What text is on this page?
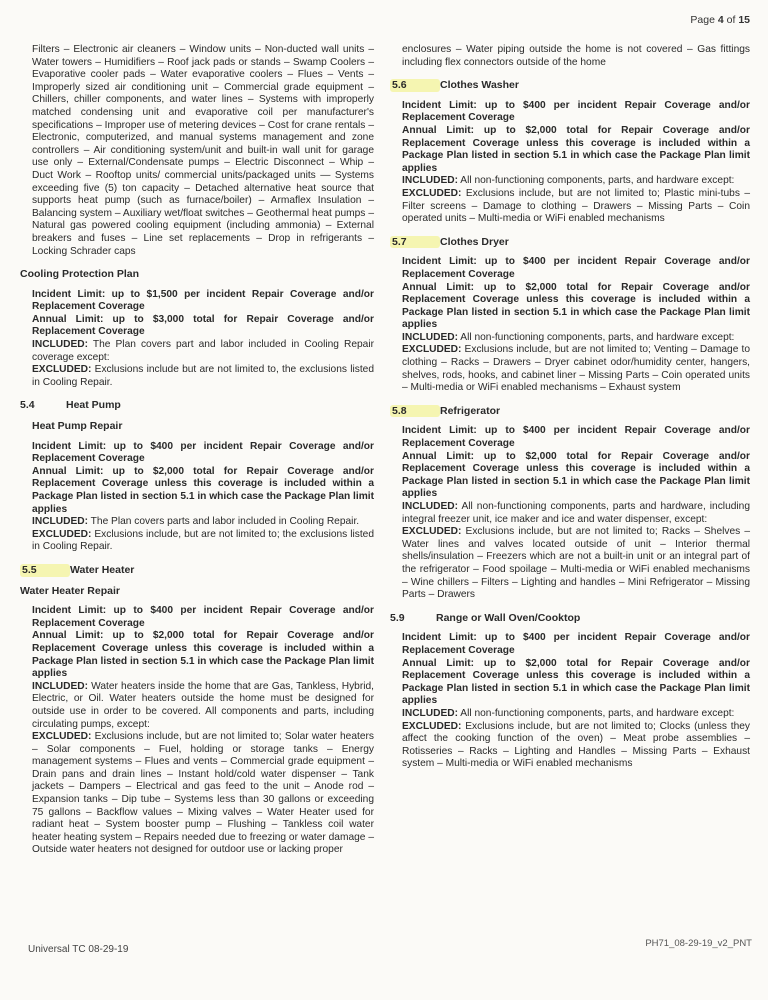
Page 4 of 15

Filters – Electronic air cleaners – Window units – Non-ducted wall units – Water towers – Humidifiers – Roof jack pads or stands – Swamp Coolers – Evaporative cooler pads – Water evaporative coolers – Flues – Vents – Improperly sized air conditioning unit – Commercial grade equipment – Chillers, chiller components, and water lines – Systems with improperly matched condensing unit and evaporative coil per manufacturer's specifications – Improper use of metering devices – Cost for crane rentals – Electronic, computerized, and manual systems management and zone controllers – Air conditioning system/unit and built-in wall unit for garage use only – External/Condensate pumps – Electric Disconnect – Whip – Duct Work – Rooftop units/ commercial units/packaged units — Systems exceeding five (5) ton capacity – Detached alternative heat source that supports heat pump (such as furnace/boiler) – Armaflex Insulation – Balancing system – Auxiliary wet/float switches – Geothermal heat pumps – Natural gas powered cooling equipment (including ammonia) – External breakers and fuses – Line set replacements – Drop in refrigerants – Locking Schrader caps

Cooling Protection Plan

Incident Limit: up to $1,500 per incident Repair Coverage and/or Replacement Coverage

Annual Limit: up to $3,000 total for Repair Coverage and/or Replacement Coverage

INCLUDED: The Plan covers part and labor included in Cooling Repair coverage except:

EXCLUDED: Exclusions include but are not limited to, the exclusions listed in Cooling Repair.

5.4	Heat Pump
Heat Pump Repair

Incident Limit: up to $400 per incident Repair Coverage and/or Replacement Coverage

Annual Limit: up to $2,000 total for Repair Coverage and/or Replacement Coverage unless this coverage is included within a Package Plan listed in section 5.1 in which case the Package Plan limit applies

INCLUDED: The Plan covers parts and labor included in Cooling Repair.

EXCLUDED: Exclusions include, but are not limited to; the exclusions listed in Cooling Repair.

5.5	Water Heater
Water Heater Repair

Incident Limit: up to $400 per incident Repair Coverage and/or Replacement Coverage

Annual Limit: up to $2,000 total for Repair Coverage and/or Replacement Coverage unless this coverage is included within a Package Plan listed in section 5.1 in which case the Package Plan limit applies

INCLUDED: Water heaters inside the home that are Gas, Tankless, Hybrid, Electric, or Oil. Water heaters outside the home must be designed for outside use in order to be covered. All components and parts, including circulating pumps, except:

EXCLUDED: Exclusions include, but are not limited to; Solar water heaters – Solar components – Fuel, holding or storage tanks – Energy management systems – Flues and vents – Commercial grade equipment – Drain pans and drain lines – Instant hold/cold water dispenser – Tank jackets – Dampers – Electrical and gas feed to the unit – Anode rod – Expansion tanks – Dip tube – Systems less than 30 gallons or exceeding 75 gallons – Backflow values – Mixing valves – Water Heater used for radiant heat – System booster pump – Flushing – Tankless coil water heater heating system – Repairs needed due to freezing or water damage – Outside water heaters not designed for outdoor use or lacking proper

enclosures – Water piping outside the home is not covered – Gas fittings including flex connectors outside of the home

5.6	Clothes Washer

Incident Limit: up to $400 per incident Repair Coverage and/or Replacement Coverage

Annual Limit: up to $2,000 total for Repair Coverage and/or Replacement Coverage unless this coverage is included within a Package Plan listed in section 5.1 in which case the Package Plan limit applies

INCLUDED: All non-functioning components, parts, and hardware except:

EXCLUDED: Exclusions include, but are not limited to; Plastic mini-tubs – Filter screens – Damage to clothing – Drawers – Missing Parts – Coin operated units – Multi-media or WiFi enabled mechanisms

5.7	Clothes Dryer

Incident Limit: up to $400 per incident Repair Coverage and/or Replacement Coverage

Annual Limit: up to $2,000 total for Repair Coverage and/or Replacement Coverage unless this coverage is included within a Package Plan listed in section 5.1 in which case the Package Plan limit applies

INCLUDED: All non-functioning components, parts, and hardware except:

EXCLUDED: Exclusions include, but are not limited to; Venting – Damage to clothing – Racks – Drawers – Dryer cabinet odor/humidity center, hangers, shelves, rods, hooks, and cabinet liner – Missing Parts – Coin operated units – Multi-media or WiFi enabled mechanisms – Exhaust system

5.8	Refrigerator

Incident Limit: up to $400 per incident Repair Coverage and/or Replacement Coverage

Annual Limit: up to $2,000 total for Repair Coverage and/or Replacement Coverage unless this coverage is included within a Package Plan listed in section 5.1 in which case the Package Plan limit applies

INCLUDED: All non-functioning components, parts and hardware, including integral freezer unit, ice maker and ice and water dispenser, except:

EXCLUDED: Exclusions include, but are not limited to; Racks – Shelves – Water lines and valves located outside of unit – Interior thermal shells/insulation – Freezers which are not a built-in unit or an integral part of the refrigerator – Food spoilage – Multi-media or WiFi enabled mechanisms – Wine chillers – Filters – Lighting and handles – Mini Refrigerator – Missing Parts – Drawers

5.9	Range or Wall Oven/Cooktop

Incident Limit: up to $400 per incident Repair Coverage and/or Replacement Coverage

Annual Limit: up to $2,000 total for Repair Coverage and/or Replacement Coverage unless this coverage is included within a Package Plan listed in section 5.1 in which case the Package Plan limit applies

INCLUDED: All non-functioning components, parts, and hardware except:

EXCLUDED: Exclusions include, but are not limited to; Clocks (unless they affect the cooking function of the oven) – Meat probe assemblies – Rotisseries – Racks – Lighting and Handles – Missing Parts – Exhaust system – Multi-media or WiFi enabled mechanisms

Universal TC 08-29-19
PH71_08-29-19_v2_PNT
